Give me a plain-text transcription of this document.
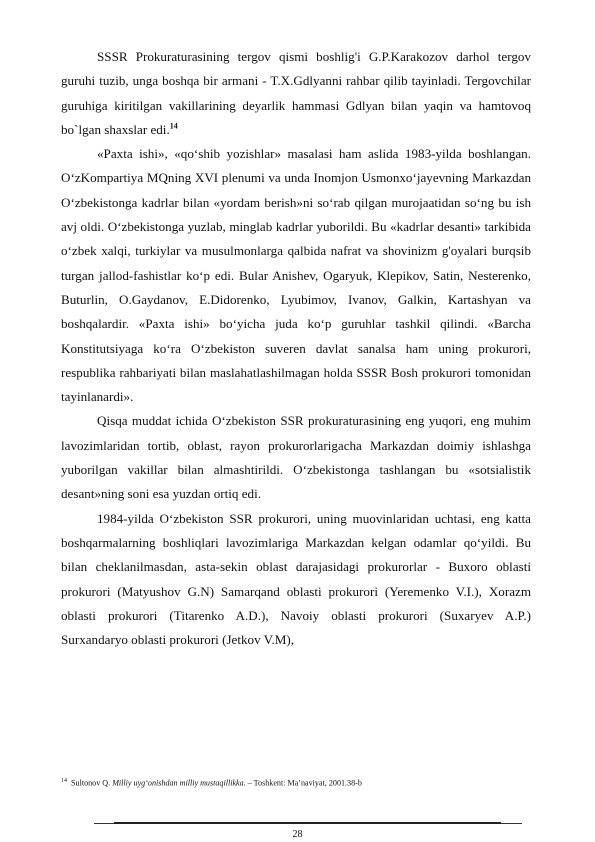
SSSR Prokuraturasining tergov qismi boshlig'i G.P.Karakozov darhol tergov guruhi tuzib, unga boshqa bir armani - T.X.Gdlyanni rahbar qilib tayinladi. Tergovchilar guruhiga kiritilgan vakillarining deyarlik hammasi Gdlyan bilan yaqin va hamtovoq bo`lgan shaxslar edi.$^{14}$

«Paxta ishi», «qo‘shib yozishlar» masalasi ham aslida 1983-yilda boshlangan. O‘zKompartiya MQning XVI plenumi va unda Inomjon Usmonxo‘jayevning Markazdan O‘zbekistonga kadrlar bilan «yordam berish»ni so‘rab qilgan murojaatidan so‘ng bu ish avj oldi. O‘zbekistonga yuzlab, minglab kadrlar yuborildi. Bu «kadrlar desanti» tarkibida o‘zbek xalqi, turkiylar va musulmonlarga qalbida nafrat va shovinizm g'oyalari burqsib turgan jallod-fashistlar ko‘p edi. Bular Anishev, Ogaryuk, Klepikov, Satin, Nesterenko, Buturlin, O.Gaydanov, E.Didorenko, Lyubimov, Ivanov, Galkin, Kartashyan va boshqalardir. «Paxta ishi» bo‘yicha juda ko‘p guruhlar tashkil qilindi. «Barcha Konstitutsiyaga ko‘ra O‘zbekiston suveren davlat sanalsa ham uning prokurori, respublika rahbariyati bilan maslahatlashilmagan holda SSSR Bosh prokurori tomonidan tayinlanardi».

Qisqa muddat ichida O‘zbekiston SSR prokuraturasining eng yuqori, eng muhim lavozimlaridan tortib, oblast, rayon prokurorlarigacha Markazdan doimiy ishlashga yuborilgan vakillar bilan almashtirildi. O‘zbekistonga tashlangan bu «sotsialistik desant»ning soni esa yuzdan ortiq edi.

1984-yilda O‘zbekiston SSR prokurori, uning muovinlaridan uchtasi, eng katta boshqarmalarning boshliqlari lavozimlariga Markazdan kelgan odamlar qo‘yildi. Bu bilan cheklanilmasdan, asta-sekin oblast darajasidagi prokurorlar - Buxoro oblasti prokurori (Matyushov G.N) Samarqand oblasti prokurori (Yeremenko V.I.), Xorazm oblasti prokurori (Titarenko A.D.), Navoiy oblasti prokurori (Suxaryev A.P.) Surxandaryo oblasti prokurori (Jetkov V.M),

$^{14}$ Sultonov Q. Milliy uyg‘onishdan milliy mustaqillikka. – Toshkent: Ma’naviyat, 2001.38-b
28
